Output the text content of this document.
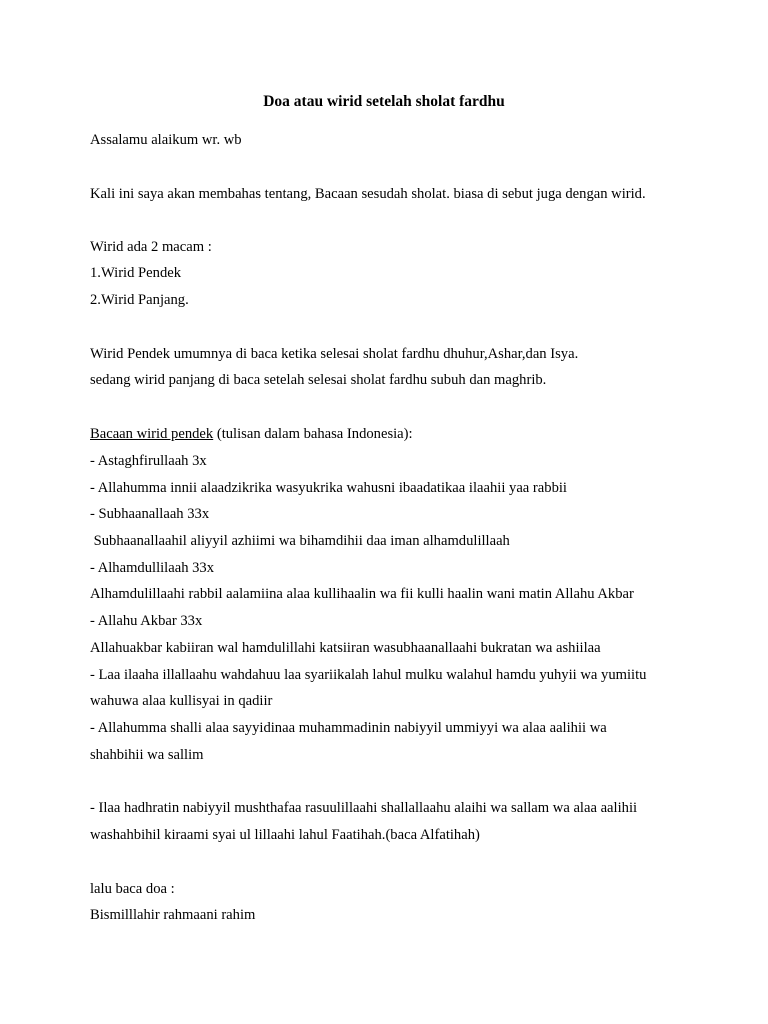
Doa atau wirid setelah sholat fardhu
Assalamu alaikum wr. wb
Kali ini saya akan membahas tentang, Bacaan sesudah sholat. biasa di sebut juga dengan wirid.
Wirid ada 2 macam :
1.Wirid Pendek
2.Wirid Panjang.
Wirid Pendek umumnya di baca ketika selesai sholat fardhu dhuhur,Ashar,dan Isya.
sedang wirid panjang di baca setelah selesai sholat fardhu subuh dan maghrib.
Bacaan wirid pendek (tulisan dalam bahasa Indonesia):
- Astaghfirullaah 3x
- Allahumma innii alaadzikrika wasyukrika wahusni ibaadatikaa ilaahii yaa rabbii
- Subhaanallaah 33x
Subhaanallaahil aliyyil azhiimi wa bihamdihii daa iman alhamdulillaah
- Alhamdullilaah 33x
Alhamdulillaahi rabbil aalamiina alaa kullihaalin wa fii kulli haalin wani matin Allahu Akbar
- Allahu Akbar 33x
Allahuakbar kabiiran wal hamdulillahi katsiiran wasubhaanallaahi bukratan wa ashiilaa
- Laa ilaaha illallaahu wahdahuu laa syariikalah lahul mulku walahul hamdu yuhyii wa yumiitu
wahuwa alaa kullisyai in qadiir
- Allahumma shalli alaa sayyidinaa muhammadinin nabiyyil ummiyyi wa alaa aalihii wa
shahbihii wa sallim
- Ilaa hadhratin nabiyyil mushthafaa rasuulillaahi shallallaahu alaihi wa sallam wa alaa aalihii
washahbihil kiraami syai ul lillaahi lahul Faatihah.(baca Alfatihah)
lalu baca doa :
Bismilllahir rahmaani rahim
